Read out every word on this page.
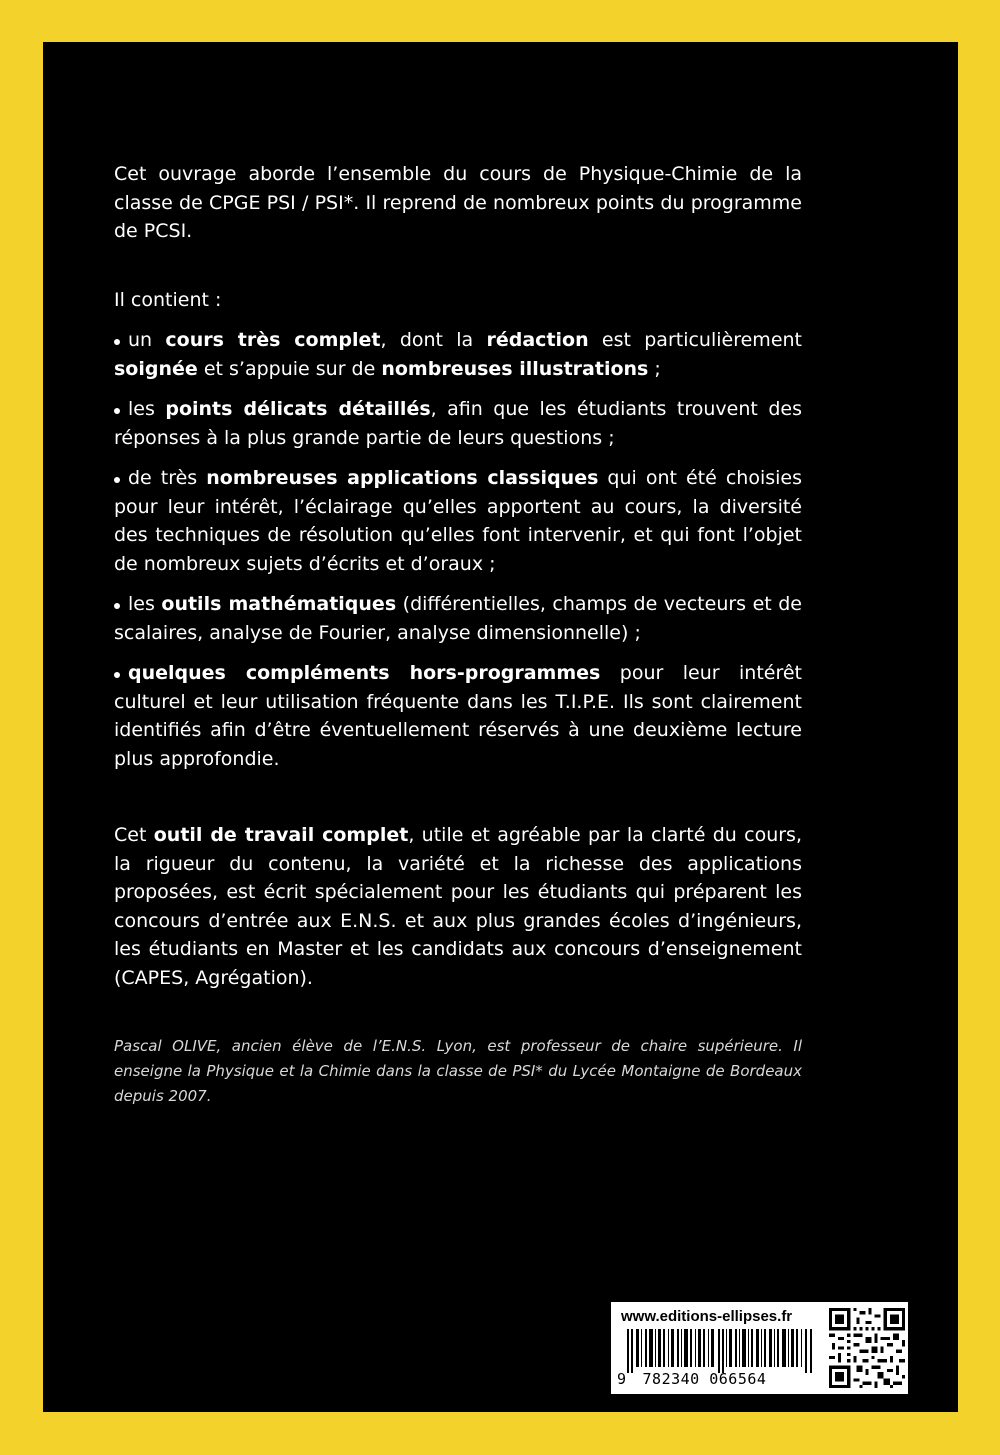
Cet ouvrage aborde l’ensemble du cours de Physique-Chimie de la classe de CPGE PSI / PSI*. Il reprend de nombreux points du programme de PCSI.

Il contient :

un cours très complet, dont la rédaction est particulièrement soignée et s’appuie sur de nombreuses illustrations ;
les points délicats détaillés, afin que les étudiants trouvent des réponses à la plus grande partie de leurs questions ;
de très nombreuses applications classiques qui ont été choisies pour leur intérêt, l’éclairage qu’elles apportent au cours, la diversité des techniques de résolution qu’elles font intervenir, et qui font l’objet de nombreux sujets d’écrits et d’oraux ;
les outils mathématiques (différentielles, champs de vecteurs et de scalaires, analyse de Fourier, analyse dimensionnelle) ;
quelques compléments hors-programmes pour leur intérêt culturel et leur utilisation fréquente dans les T.I.P.E. Ils sont clairement identifiés afin d’être éventuellement réservés à une deuxième lecture plus approfondie.

Cet outil de travail complet, utile et agréable par la clarté du cours, la rigueur du contenu, la variété et la richesse des applications proposées, est écrit spécialement pour les étudiants qui préparent les concours d’entrée aux E.N.S. et aux plus grandes écoles d’ingénieurs, les étudiants en Master et les candidats aux concours d’enseignement (CAPES, Agrégation).

Pascal OLIVE, ancien élève de l’E.N.S. Lyon, est professeur de chaire supérieure. Il enseigne la Physique et la Chimie dans la classe de PSI* du Lycée Montaigne de Bordeaux depuis 2007.

www.editions-ellipses.fr
9 782340 066564
